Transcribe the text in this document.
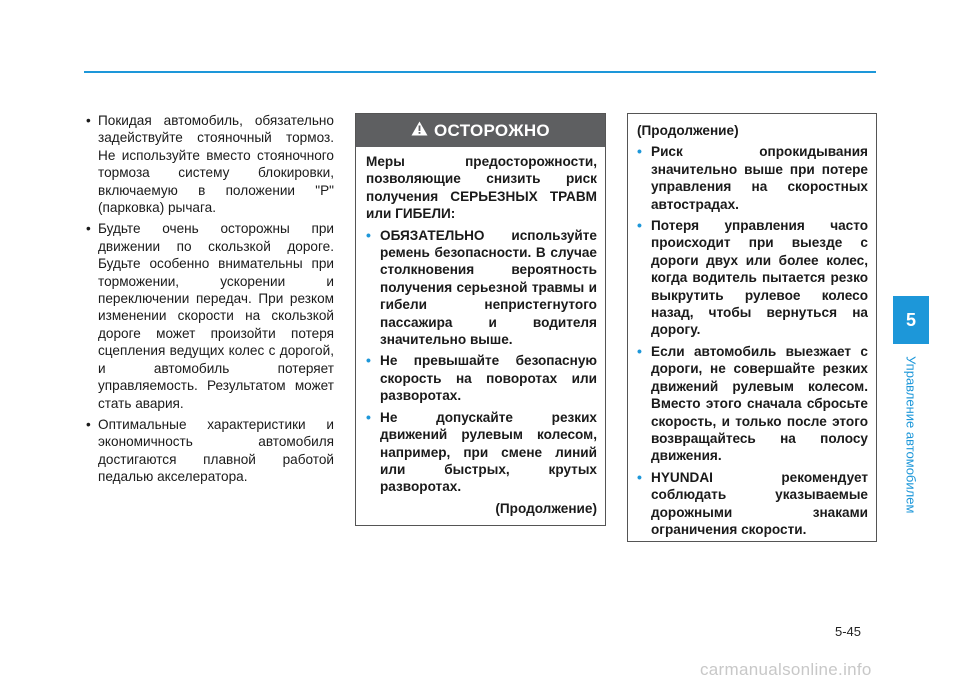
• Покидая автомобиль, обязательно задействуйте стояночный тормоз. Не используйте вместо стояночного тормоза систему блокировки, включаемую в положении "P" (парковка) рычага.
• Будьте очень осторожны при движении по скользкой дороге. Будьте особенно внимательны при торможении, ускорении и переключении передач. При резком изменении скорости на скользкой дороге может произойти потеря сцепления ведущих колес с дорогой, и автомобиль потеряет управляемость. Результатом может стать авария.
• Оптимальные характеристики и экономичность автомобиля достигаются плавной работой педалью акселератора.
ОСТОРОЖНО

Меры предосторожности, позволяющие снизить риск получения СЕРЬЕЗНЫХ ТРАВМ или ГИБЕЛИ:

• ОБЯЗАТЕЛЬНО используйте ремень безопасности. В случае столкновения вероятность получения серьезной травмы и гибели непристегнутого пассажира и водителя значительно выше.
• Не превышайте безопасную скорость на поворотах или разворотах.
• Не допускайте резких движений рулевым колесом, например, при смене линий или быстрых, крутых разворотах.
(Продолжение)
(Продолжение)
• Риск опрокидывания значительно выше при потере управления на скоростных автострадах.
• Потеря управления часто происходит при выезде с дороги двух или более колес, когда водитель пытается резко выкрутить рулевое колесо назад, чтобы вернуться на дорогу.
• Если автомобиль выезжает с дороги, не совершайте резких движений рулевым колесом. Вместо этого сначала сбросьте скорость, и только после этого возвращайтесь на полосу движения.
• HYUNDAI рекомендует соблюдать указываемые дорожными знаками ограничения скорости.
5
Управление автомобилем
5-45
carmanualsonline.info
